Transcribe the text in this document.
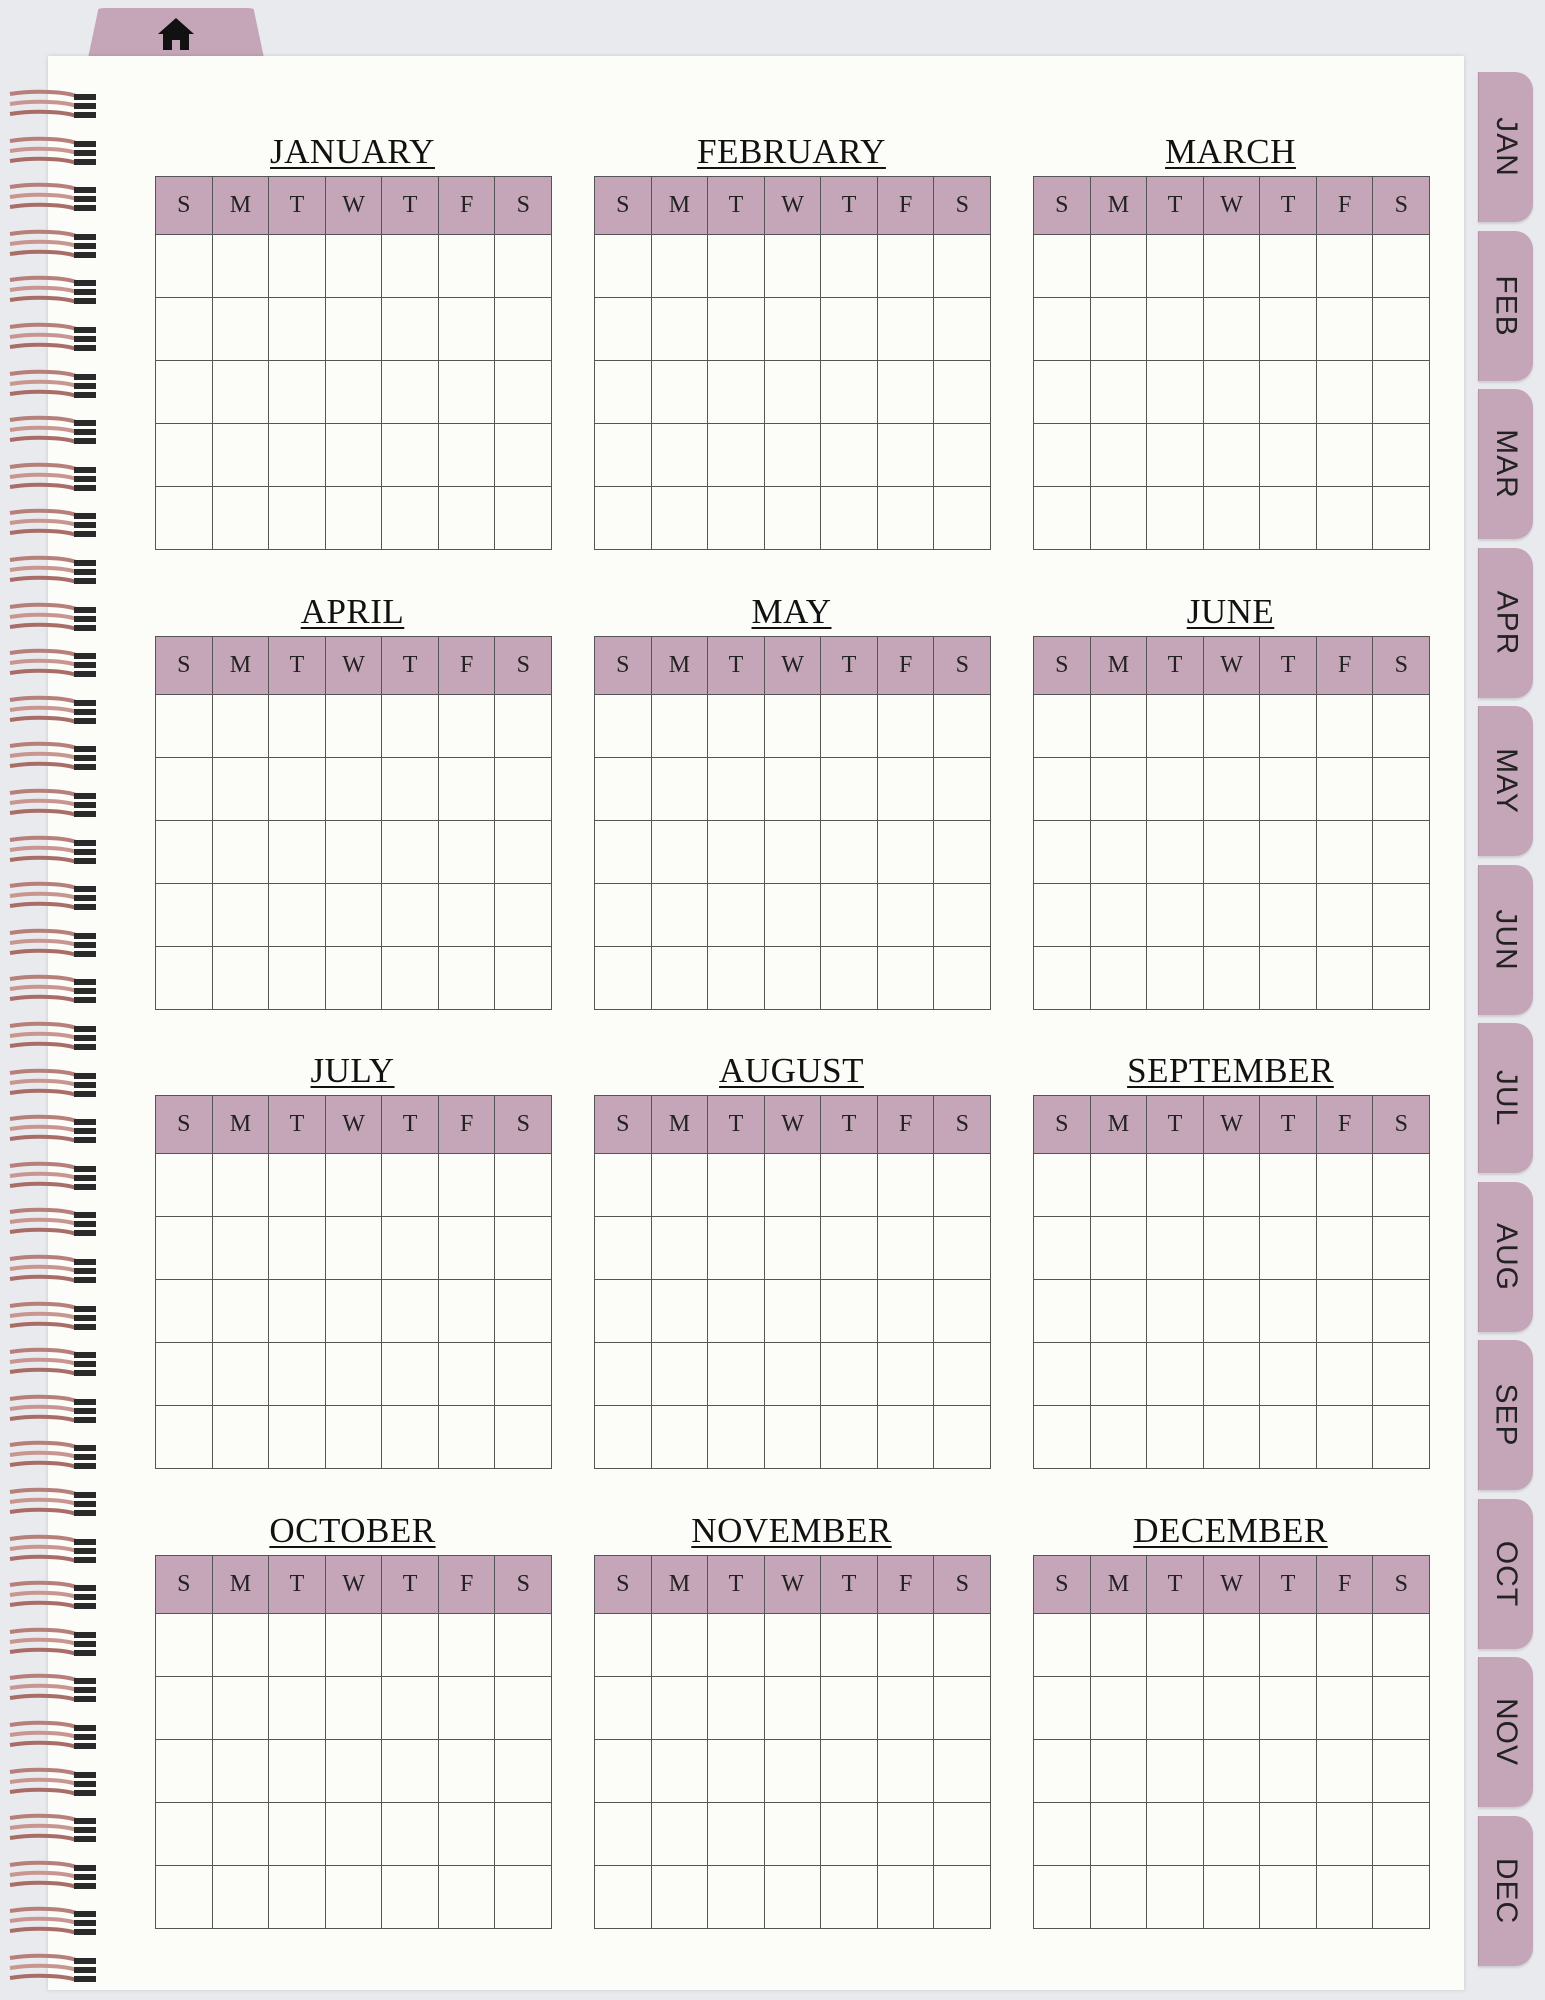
JANUARY
S	M	T	W	T	F	S
FEBRUARY
S	M	T	W	T	F	S
MARCH
S	M	T	W	T	F	S
APRIL
S	M	T	W	T	F	S
MAY
S	M	T	W	T	F	S
JUNE
S	M	T	W	T	F	S
JULY
S	M	T	W	T	F	S
AUGUST
S	M	T	W	T	F	S
SEPTEMBER
S	M	T	W	T	F	S
OCTOBER
S	M	T	W	T	F	S
NOVEMBER
S	M	T	W	T	F	S
DECEMBER
S	M	T	W	T	F	S
JAN
FEB
MAR
APR
MAY
JUN
JUL
AUG
SEP
OCT
NOV
DEC
